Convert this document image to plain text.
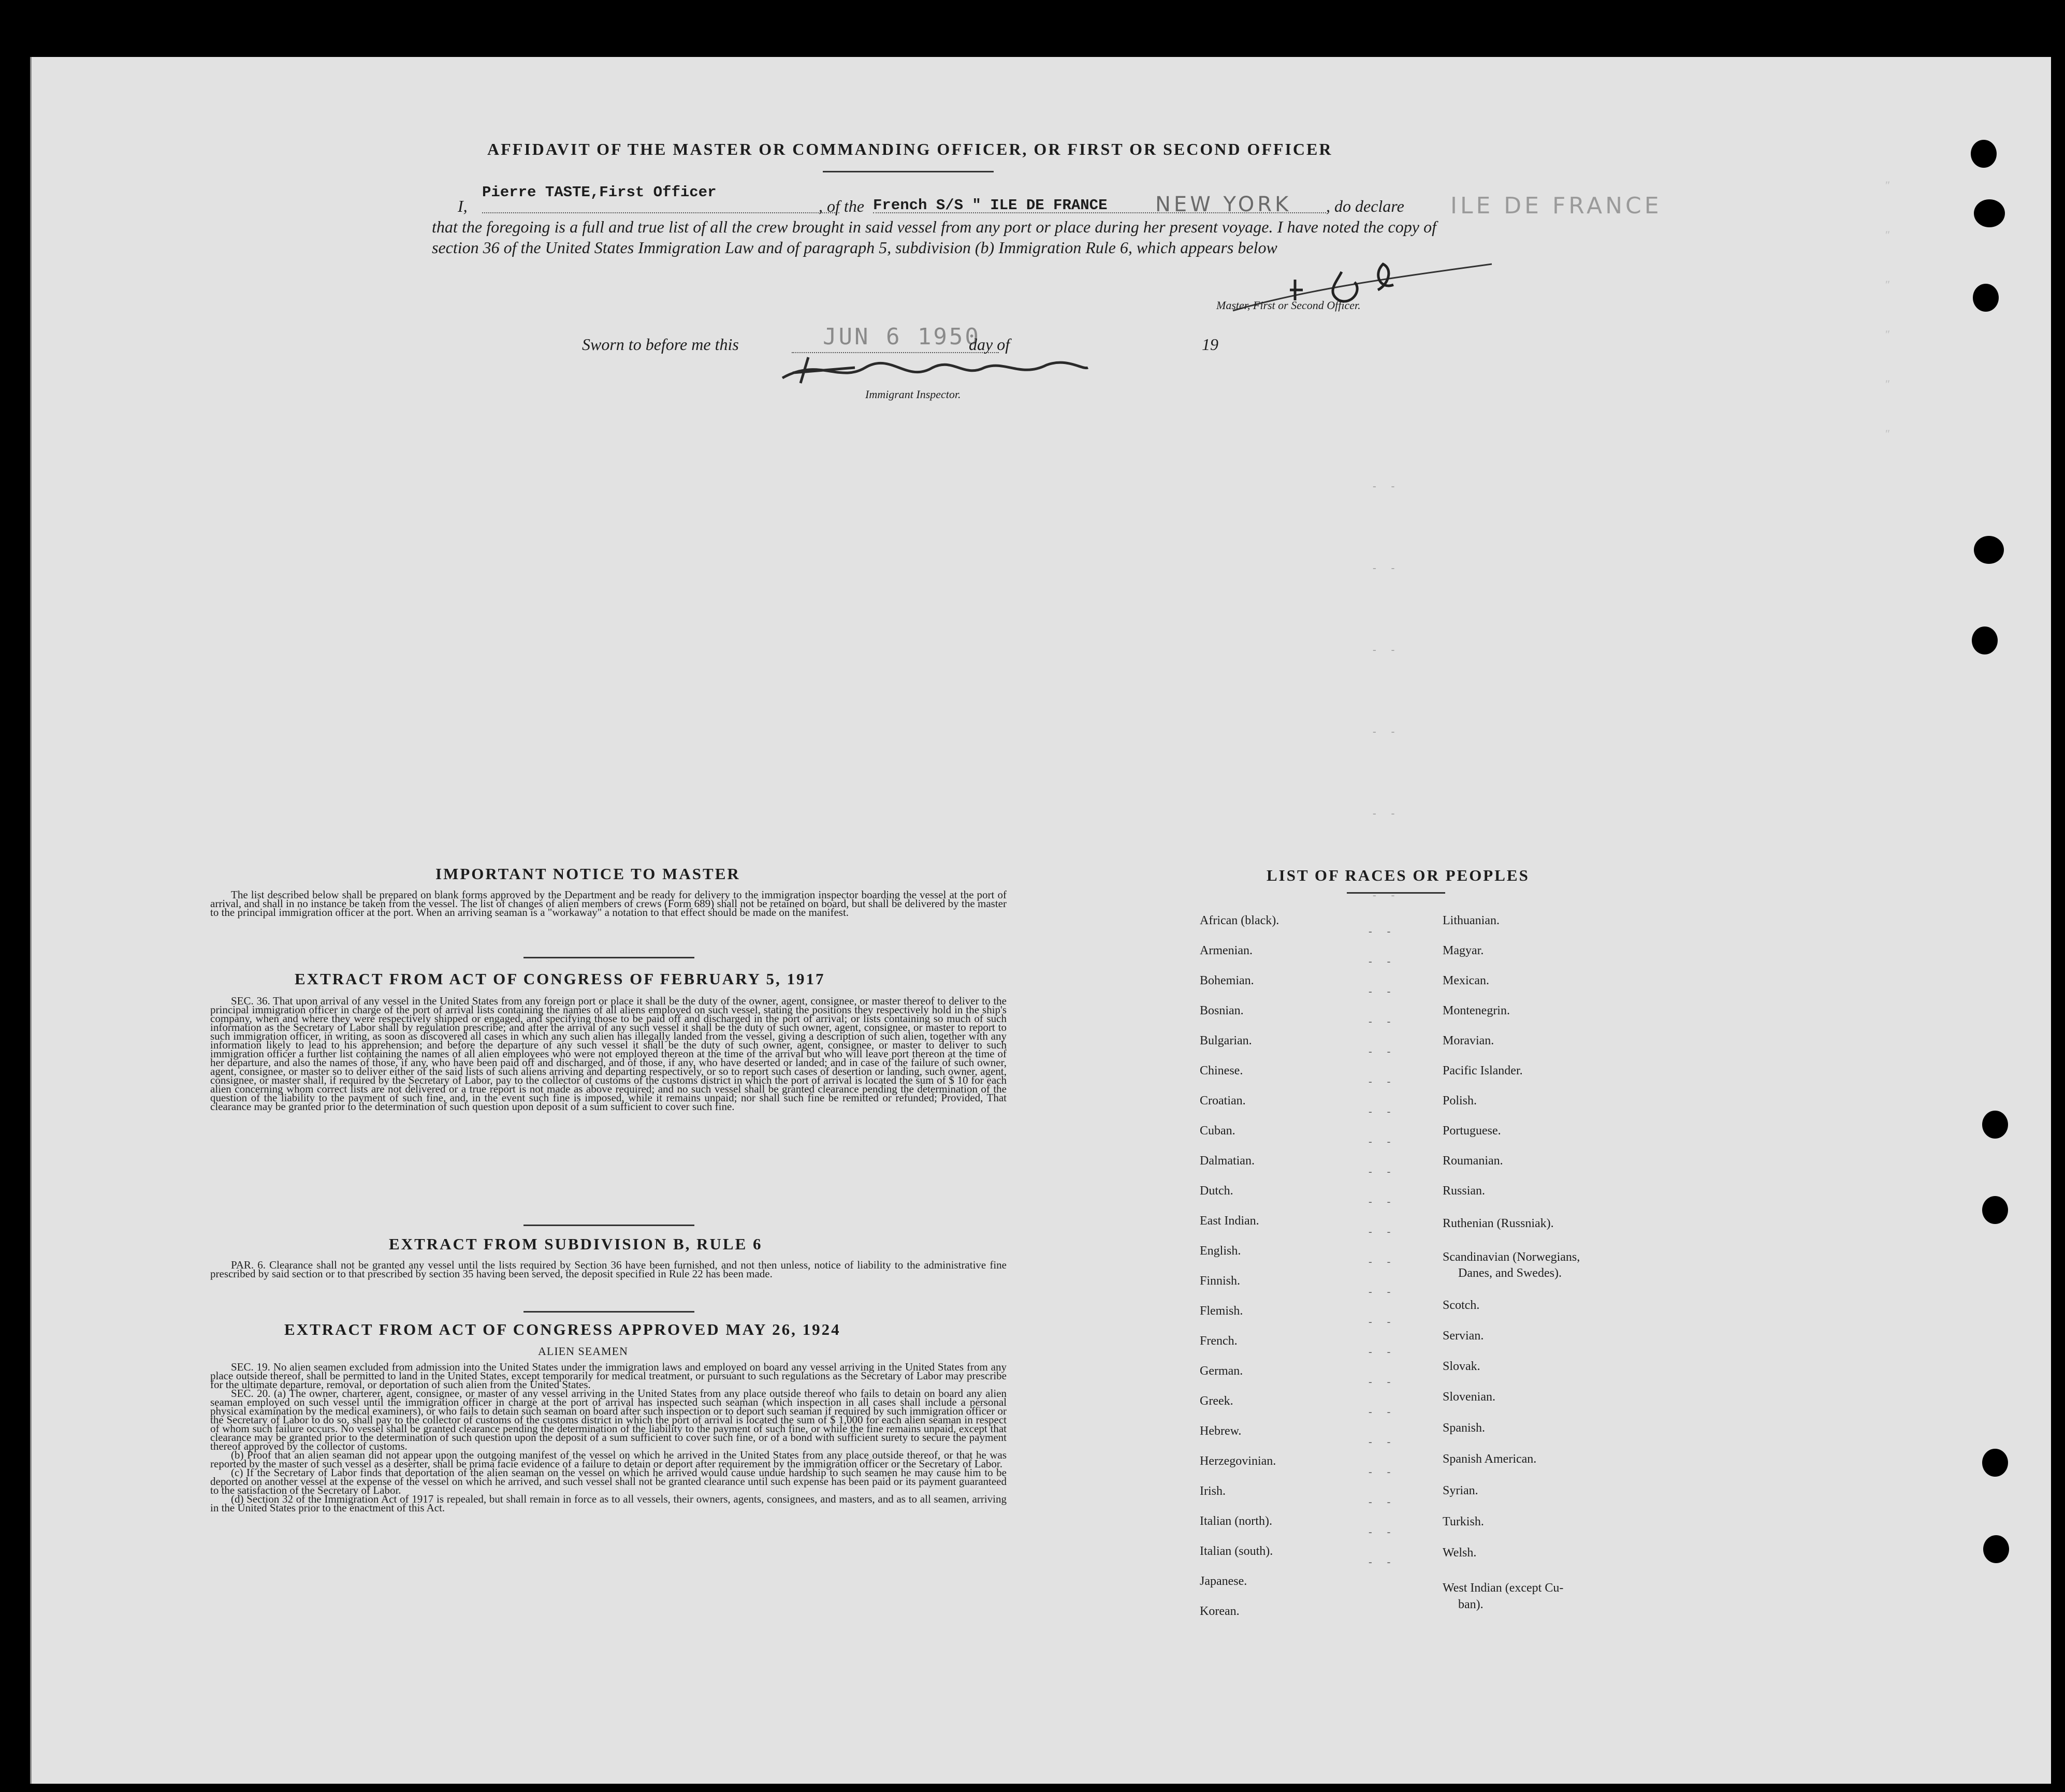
ILE DE FRANCE
AFFIDAVIT OF THE MASTER OR COMMANDING OFFICER, OR FIRST OR SECOND OFFICER
I,
Pierre TASTE,First Officer
, of the French S/S " ILE DE FRANCE NEW YORK , do declare
that the foregoing is a full and true list of all the crew brought in said vessel from any port or place during her present voyage. I have noted the copy of section 36 of the United States Immigration Law and of paragraph 5, subdivision (b) Immigration Rule 6, which appears below
Master, First or Second Officer.
Sworn to before me this	JUN 6 1950
day of	19
Immigrant Inspector.
″
″
″
″
″
″
IMPORTANT NOTICE TO MASTER

The list described below shall be prepared on blank forms approved by the Department and be ready for delivery to the immigration inspector boarding the vessel at the port of arrival, and shall in no instance be taken from the vessel. The list of changes of alien members of crews (Form 689) shall not be retained on board, but shall be delivered by the master to the principal immigration officer at the port. When an arriving seaman is a "workaway" a notation to that effect should be made on the manifest.

EXTRACT FROM ACT OF CONGRESS OF FEBRUARY 5, 1917

SEC. 36. That upon arrival of any vessel in the United States from any foreign port or place it shall be the duty of the owner, agent, consignee, or master thereof to deliver to the principal immigration officer in charge of the port of arrival lists containing the names of all aliens employed on such vessel, stating the positions they respectively hold in the ship's company, when and where they were respectively shipped or engaged, and specifying those to be paid off and discharged in the port of arrival; or lists containing so much of such information as the Secretary of Labor shall by regulation prescribe; and after the arrival of any such vessel it shall be the duty of such owner, agent, consignee, or master to report to such immigration officer, in writing, as soon as discovered all cases in which any such alien has illegally landed from the vessel, giving a description of such alien, together with any information likely to lead to his apprehension; and before the departure of any such vessel it shall be the duty of such owner, agent, consignee, or master to deliver to such immigration officer a further list containing the names of all alien employees who were not employed thereon at the time of the arrival but who will leave port thereon at the time of her departure, and also the names of those, if any, who have been paid off and discharged, and of those, if any, who have deserted or landed; and in case of the failure of such owner, agent, consignee, or master so to deliver either of the said lists of such aliens arriving and departing respectively, or so to report such cases of desertion or landing, such owner, agent, consignee, or master shall, if required by the Secretary of Labor, pay to the collector of customs of the customs district in which the port of arrival is located the sum of $ 10 for each alien concerning whom correct lists are not delivered or a true report is not made as above required; and no such vessel shall be granted clearance pending the determination of the question of the liability to the payment of such fine, and, in the event such fine is imposed, while it remains unpaid; nor shall such fine be remitted or refunded; Provided, That clearance may be granted prior to the determination of such question upon deposit of a sum sufficient to cover such fine.

EXTRACT FROM SUBDIVISION B, RULE 6

PAR. 6. Clearance shall not be granted any vessel until the lists required by Section 36 have been furnished, and not then unless, notice of liability to the administrative fine prescribed by said section or to that prescribed by section 35 having been served, the deposit specified in Rule 22 has been made.

EXTRACT FROM ACT OF CONGRESS APPROVED MAY 26, 1924
ALIEN SEAMEN

SEC. 19. No alien seamen excluded from admission into the United States under the immigration laws and employed on board any vessel arriving in the United States from any place outside thereof, shall be permitted to land in the United States, except temporarily for medical treatment, or pursuant to such regulations as the Secretary of Labor may prescribe for the ultimate departure, removal, or deportation of such alien from the United States.

SEC. 20. (a) The owner, charterer, agent, consignee, or master of any vessel arriving in the United States from any place outside thereof who fails to detain on board any alien seaman employed on such vessel until the immigration officer in charge at the port of arrival has inspected such seaman (which inspection in all cases shall include a personal physical examination by the medical examiners), or who fails to detain such seaman on board after such inspection or to deport such seaman if required by such immigration officer or the Secretary of Labor to do so, shall pay to the collector of customs of the customs district in which the port of arrival is located the sum of $ 1,000 for each alien seaman in respect of whom such failure occurs. No vessel shall be granted clearance pending the determination of the liability to the payment of such fine, or while the fine remains unpaid, except that clearance may be granted prior to the determination of such question upon the deposit of a sum sufficient to cover such fine, or of a bond with sufficient surety to secure the payment thereof approved by the collector of customs.

(b) Proof that an alien seaman did not appear upon the outgoing manifest of the vessel on which he arrived in the United States from any place outside thereof, or that he was reported by the master of such vessel as a deserter, shall be prima facie evidence of a failure to detain or deport after requirement by the immigration officer or the Secretary of Labor.

(c) If the Secretary of Labor finds that deportation of the alien seaman on the vessel on which he arrived would cause undue hardship to such seamen he may cause him to be deported on another vessel at the expense of the vessel on which he arrived, and such vessel shall not be granted clearance until such expense has been paid or its payment guaranteed to the satisfaction of the Secretary of Labor.

(d) Section 32 of the Immigration Act of 1917 is repealed, but shall remain in force as to all vessels, their owners, agents, consignees, and masters, and as to all seamen, arriving in the United States prior to the enactment of this Act.

LIST OF RACES OR PEOPLES
African (black).
Armenian.
Bohemian.
Bosnian.
Bulgarian.
Chinese.
Croatian.
Cuban.
Dalmatian.
Dutch.
East Indian.
English.
Finnish.
Flemish.
French.
German.
Greek.
Hebrew.
Herzegovinian.
Irish.
Italian (north).
Italian (south).
Japanese.
Korean.
Lithuanian.
Magyar.
Mexican.
Montenegrin.
Moravian.
Pacific Islander.
Polish.
Portuguese.
Roumanian.
Russian.
Ruthenian (Russniak).
Scandinavian (Norwegians,
Danes, and Swedes).
Scotch.
Servian.
Slovak.
Slovenian.
Spanish.
Spanish American.
Syrian.
Turkish.
Welsh.
West Indian (except Cu-
ban).
- -
- -
- -
- -
- -
- -
- -
- -
- -
- -
- -
- -
- -
- -
- -
- -
- -
- -
- -
- -
- -
- -
- -
- -
- -
- -
- -
- -
